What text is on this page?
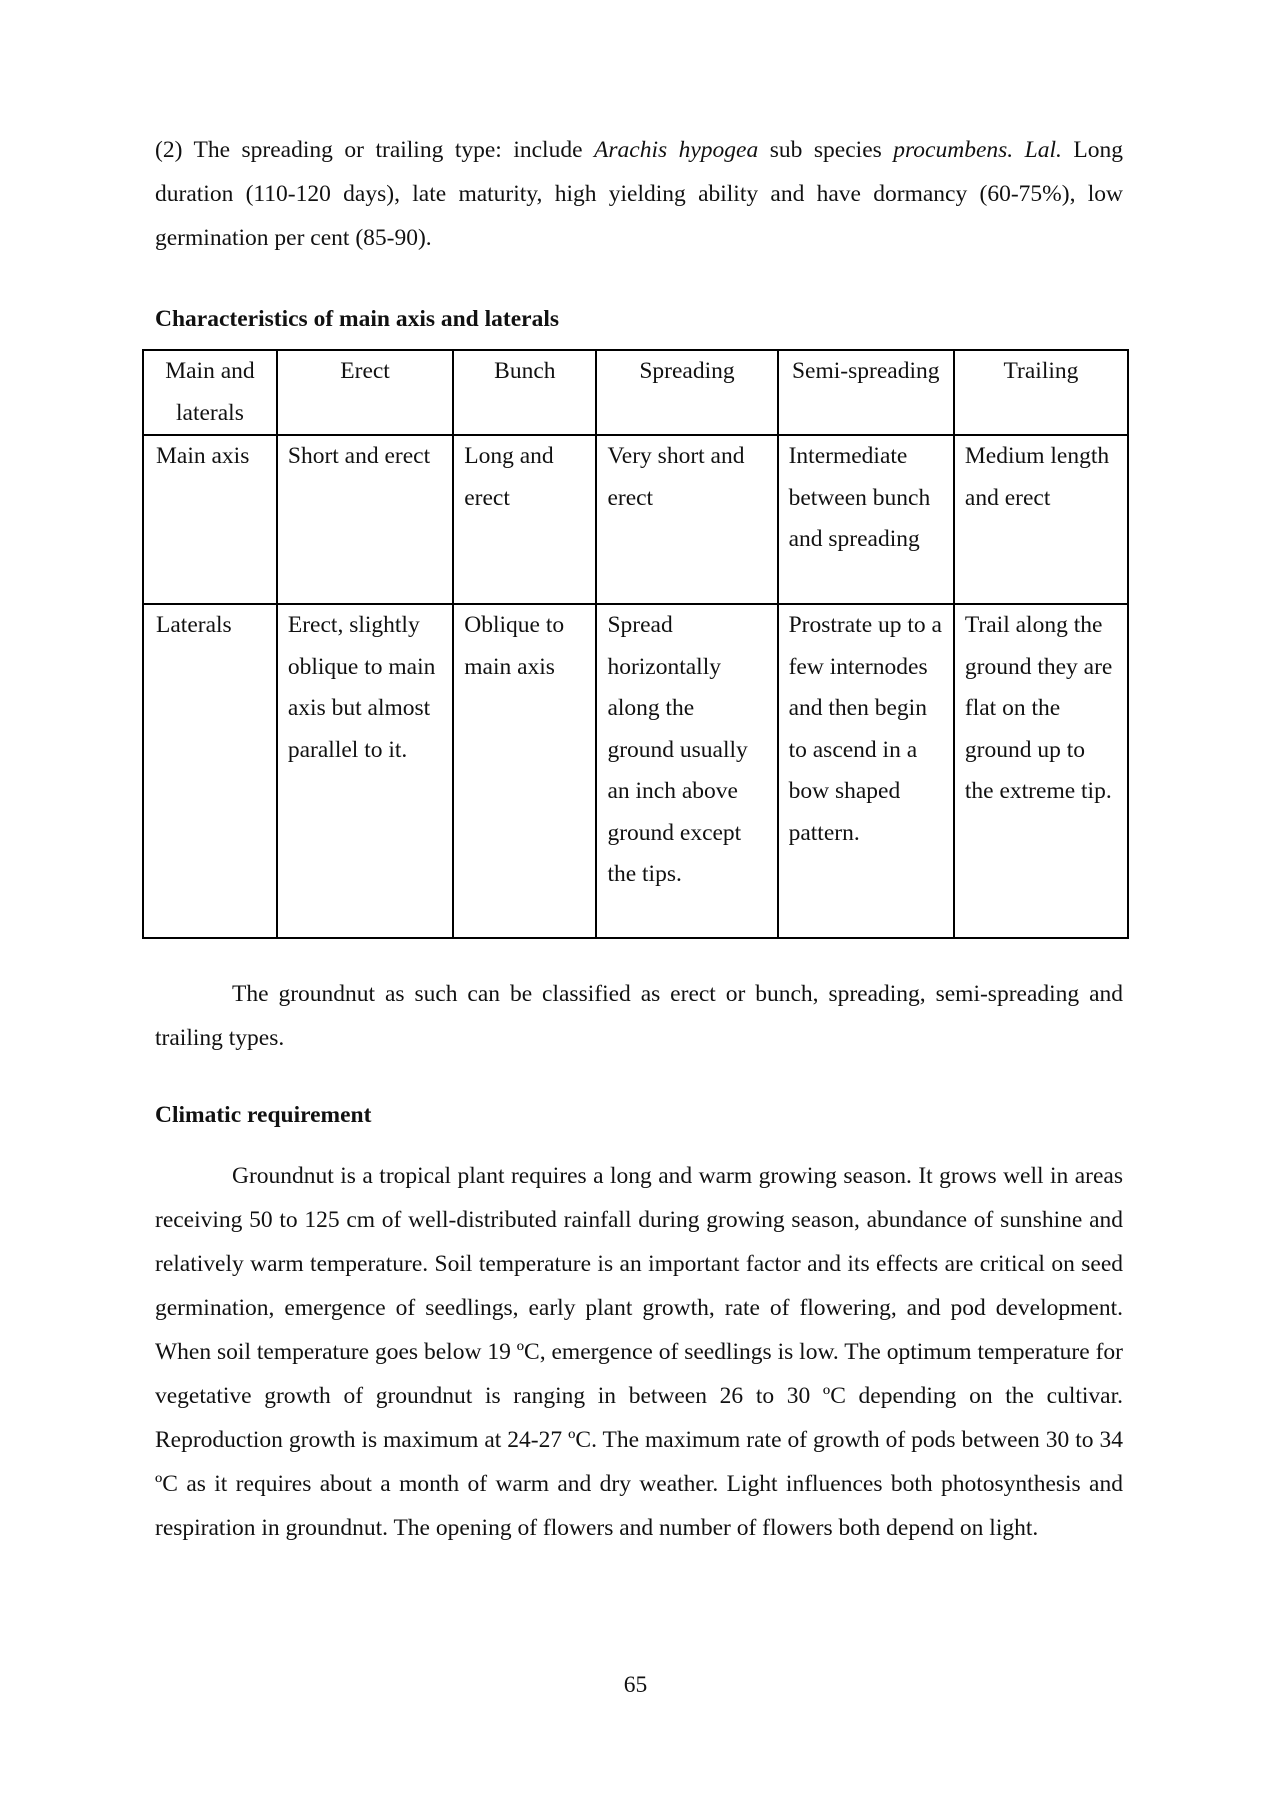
(2) The spreading or trailing type: include Arachis hypogea sub species procumbens. Lal. Long duration (110-120 days), late maturity, high yielding ability and have dormancy (60-75%), low germination per cent (85-90).

Characteristics of main axis and laterals

Main and laterals	Erect	Bunch	Spreading	Semi-spreading	Trailing
Main axis	Short and erect	Long and erect	Very short and erect	Intermediate between bunch and spreading	Medium length and erect
Laterals	Erect, slightly oblique to main axis but almost parallel to it.	Oblique to main axis	Spread horizontally along the ground usually an inch above ground except the tips.	Prostrate up to a few internodes and then begin to ascend in a bow shaped pattern.	Trail along the ground they are flat on the ground up to the extreme tip.

The groundnut as such can be classified as erect or bunch, spreading, semi-spreading and trailing types.

Climatic requirement

Groundnut is a tropical plant requires a long and warm growing season. It grows well in areas receiving 50 to 125 cm of well-distributed rainfall during growing season, abundance of sunshine and relatively warm temperature. Soil temperature is an important factor and its effects are critical on seed germination, emergence of seedlings, early plant growth, rate of flowering, and pod development. When soil temperature goes below 19 ºC, emergence of seedlings is low. The optimum temperature for vegetative growth of groundnut is ranging in between 26 to 30 ºC depending on the cultivar. Reproduction growth is maximum at 24-27 ºC. The maximum rate of growth of pods between 30 to 34 ºC as it requires about a month of warm and dry weather. Light influences both photosynthesis and respiration in groundnut. The opening of flowers and number of flowers both depend on light.

65
